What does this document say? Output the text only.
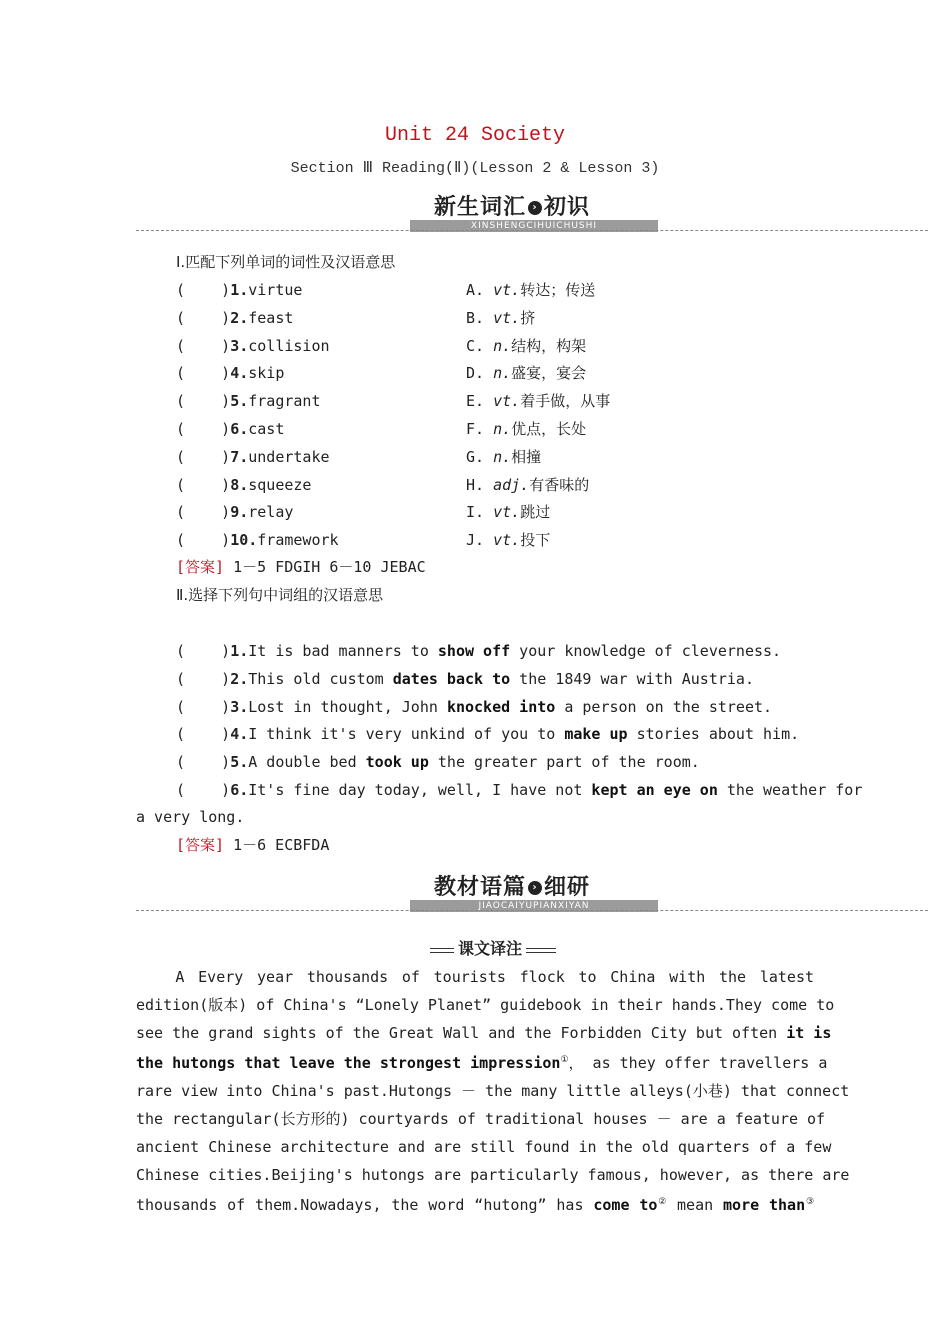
Unit 24 Society
Section Ⅲ Reading(Ⅱ)(Lesson 2 & Lesson 3)
新生词汇 › 初识
XINSHENGCIHUICHUSHI
Ⅰ.匹配下列单词的词性及汉语意思
(    )1.virtue	A. vt.转达；传送
(    )2.feast	B. vt.挤
(    )3.collision	C. n.结构，构架
(    )4.skip	D. n.盛宴，宴会
(    )5.fragrant	E. vt.着手做，从事
(    )6.cast	F. n.优点，长处
(    )7.undertake	G. n.相撞
(    )8.squeeze	H. adj.有香味的
(    )9.relay	I. vt.跳过
(    )10.framework	J. vt.投下
[答案] 1－5 FDGIH 6－10 JEBAC
Ⅱ.选择下列句中词组的汉语意思
(    )1.It is bad manners to show off your knowledge of cleverness.
(    )2.This old custom dates back to the 1849 war with Austria.
(    )3.Lost in thought, John knocked into a person on the street.
(    )4.I think it's very unkind of you to make up stories about him.
(    )5.A double bed took up the greater part of the room.
(    )6.It's fine day today, well, I have not kept an eye on the weather for
a very long.
[答案] 1－6 ECBFDA
教材语篇 › 细研
JIAOCAIYUPIANXIYAN
课文译注
　　A Every year thousands of tourists flock to China with the latest
edition(版本) of China's “Lonely Planet” guidebook in their hands.They come to
see the grand sights of the Great Wall and the Forbidden City but often it is
the hutongs that leave the strongest impression①， as they offer travellers a
rare view into China's past.Hutongs － the many little alleys(小巷) that connect
the rectangular(长方形的) courtyards of traditional houses － are a feature of
ancient Chinese architecture and are still found in the old quarters of a few
Chinese cities.Beijing's hutongs are particularly famous, however, as there are
thousands of them.Nowadays, the word “hutong” has come to② mean more than③
